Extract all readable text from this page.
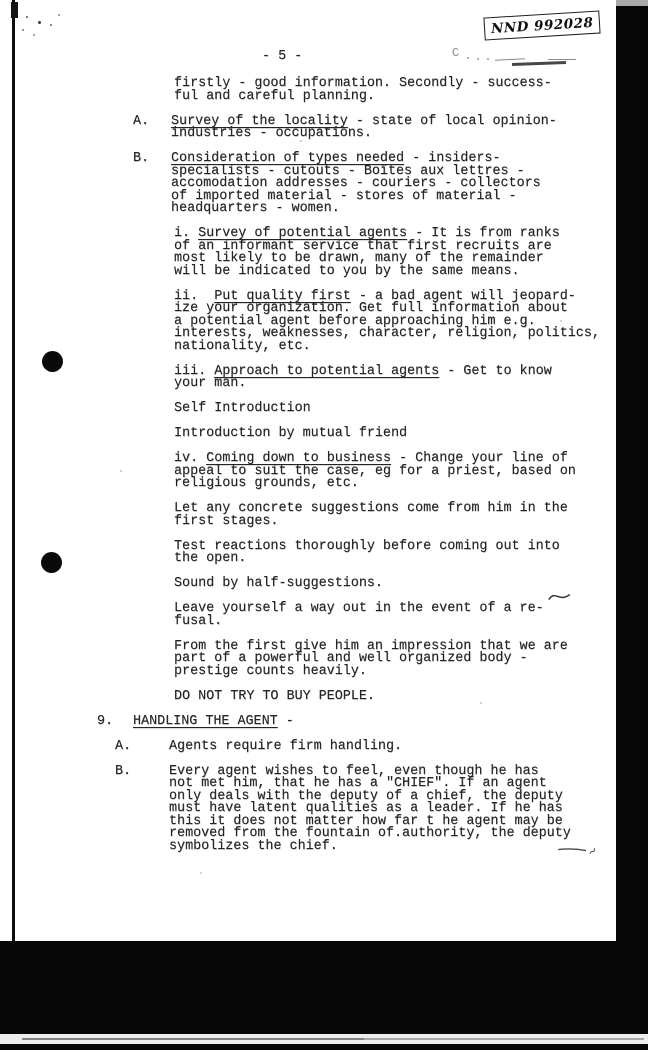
NND 992028
C
- 5 -
firstly - good information. Secondly - success-
ful and careful planning.
A. Survey of the locality - state of local opinion-
industries - occupations.
B. Consideration of types needed - insiders-
specialists - cutouts - Boîtes aux lettres -
accomodation addresses - couriers - collectors
of imported material - stores of material -
headquarters - women.
i. Survey of potential agents - It is from ranks
of an informant service that first recruits are
most likely to be drawn, many of the remainder
will be indicated to you by the same means.
ii.  Put quality first - a bad agent will jeopard-
ize your organization. Get full information about
a potential agent before approaching him e.g.
interests, weaknesses, character, religion, politics,
nationality, etc.
iii. Approach to potential agents - Get to know
your man.
Self Introduction
Introduction by mutual friend
iv. Coming down to business - Change your line of
appeal to suit the case, eg for a priest, based on
religious grounds, etc.
Let any concrete suggestions come from him in the
first stages.
Test reactions thoroughly before coming out into
the open.
Sound by half-suggestions.
Leave yourself a way out in the event of a re-
fusal.
From the first give him an impression that we are
part of a powerful and well organized body -
prestige counts heavily.
DO NOT TRY TO BUY PEOPLE.
9. HANDLING THE AGENT -
A.	Agents require firm handling.
B.	Every agent wishes to feel, even though he has
not met him, that he has a "CHIEF". If an agent
only deals with the deputy of a chief, the deputy
must have latent qualities as a leader. If he has
this it does not matter how far t he agent may be
removed from the fountain of.authority, the deputy
symbolizes the chief.
